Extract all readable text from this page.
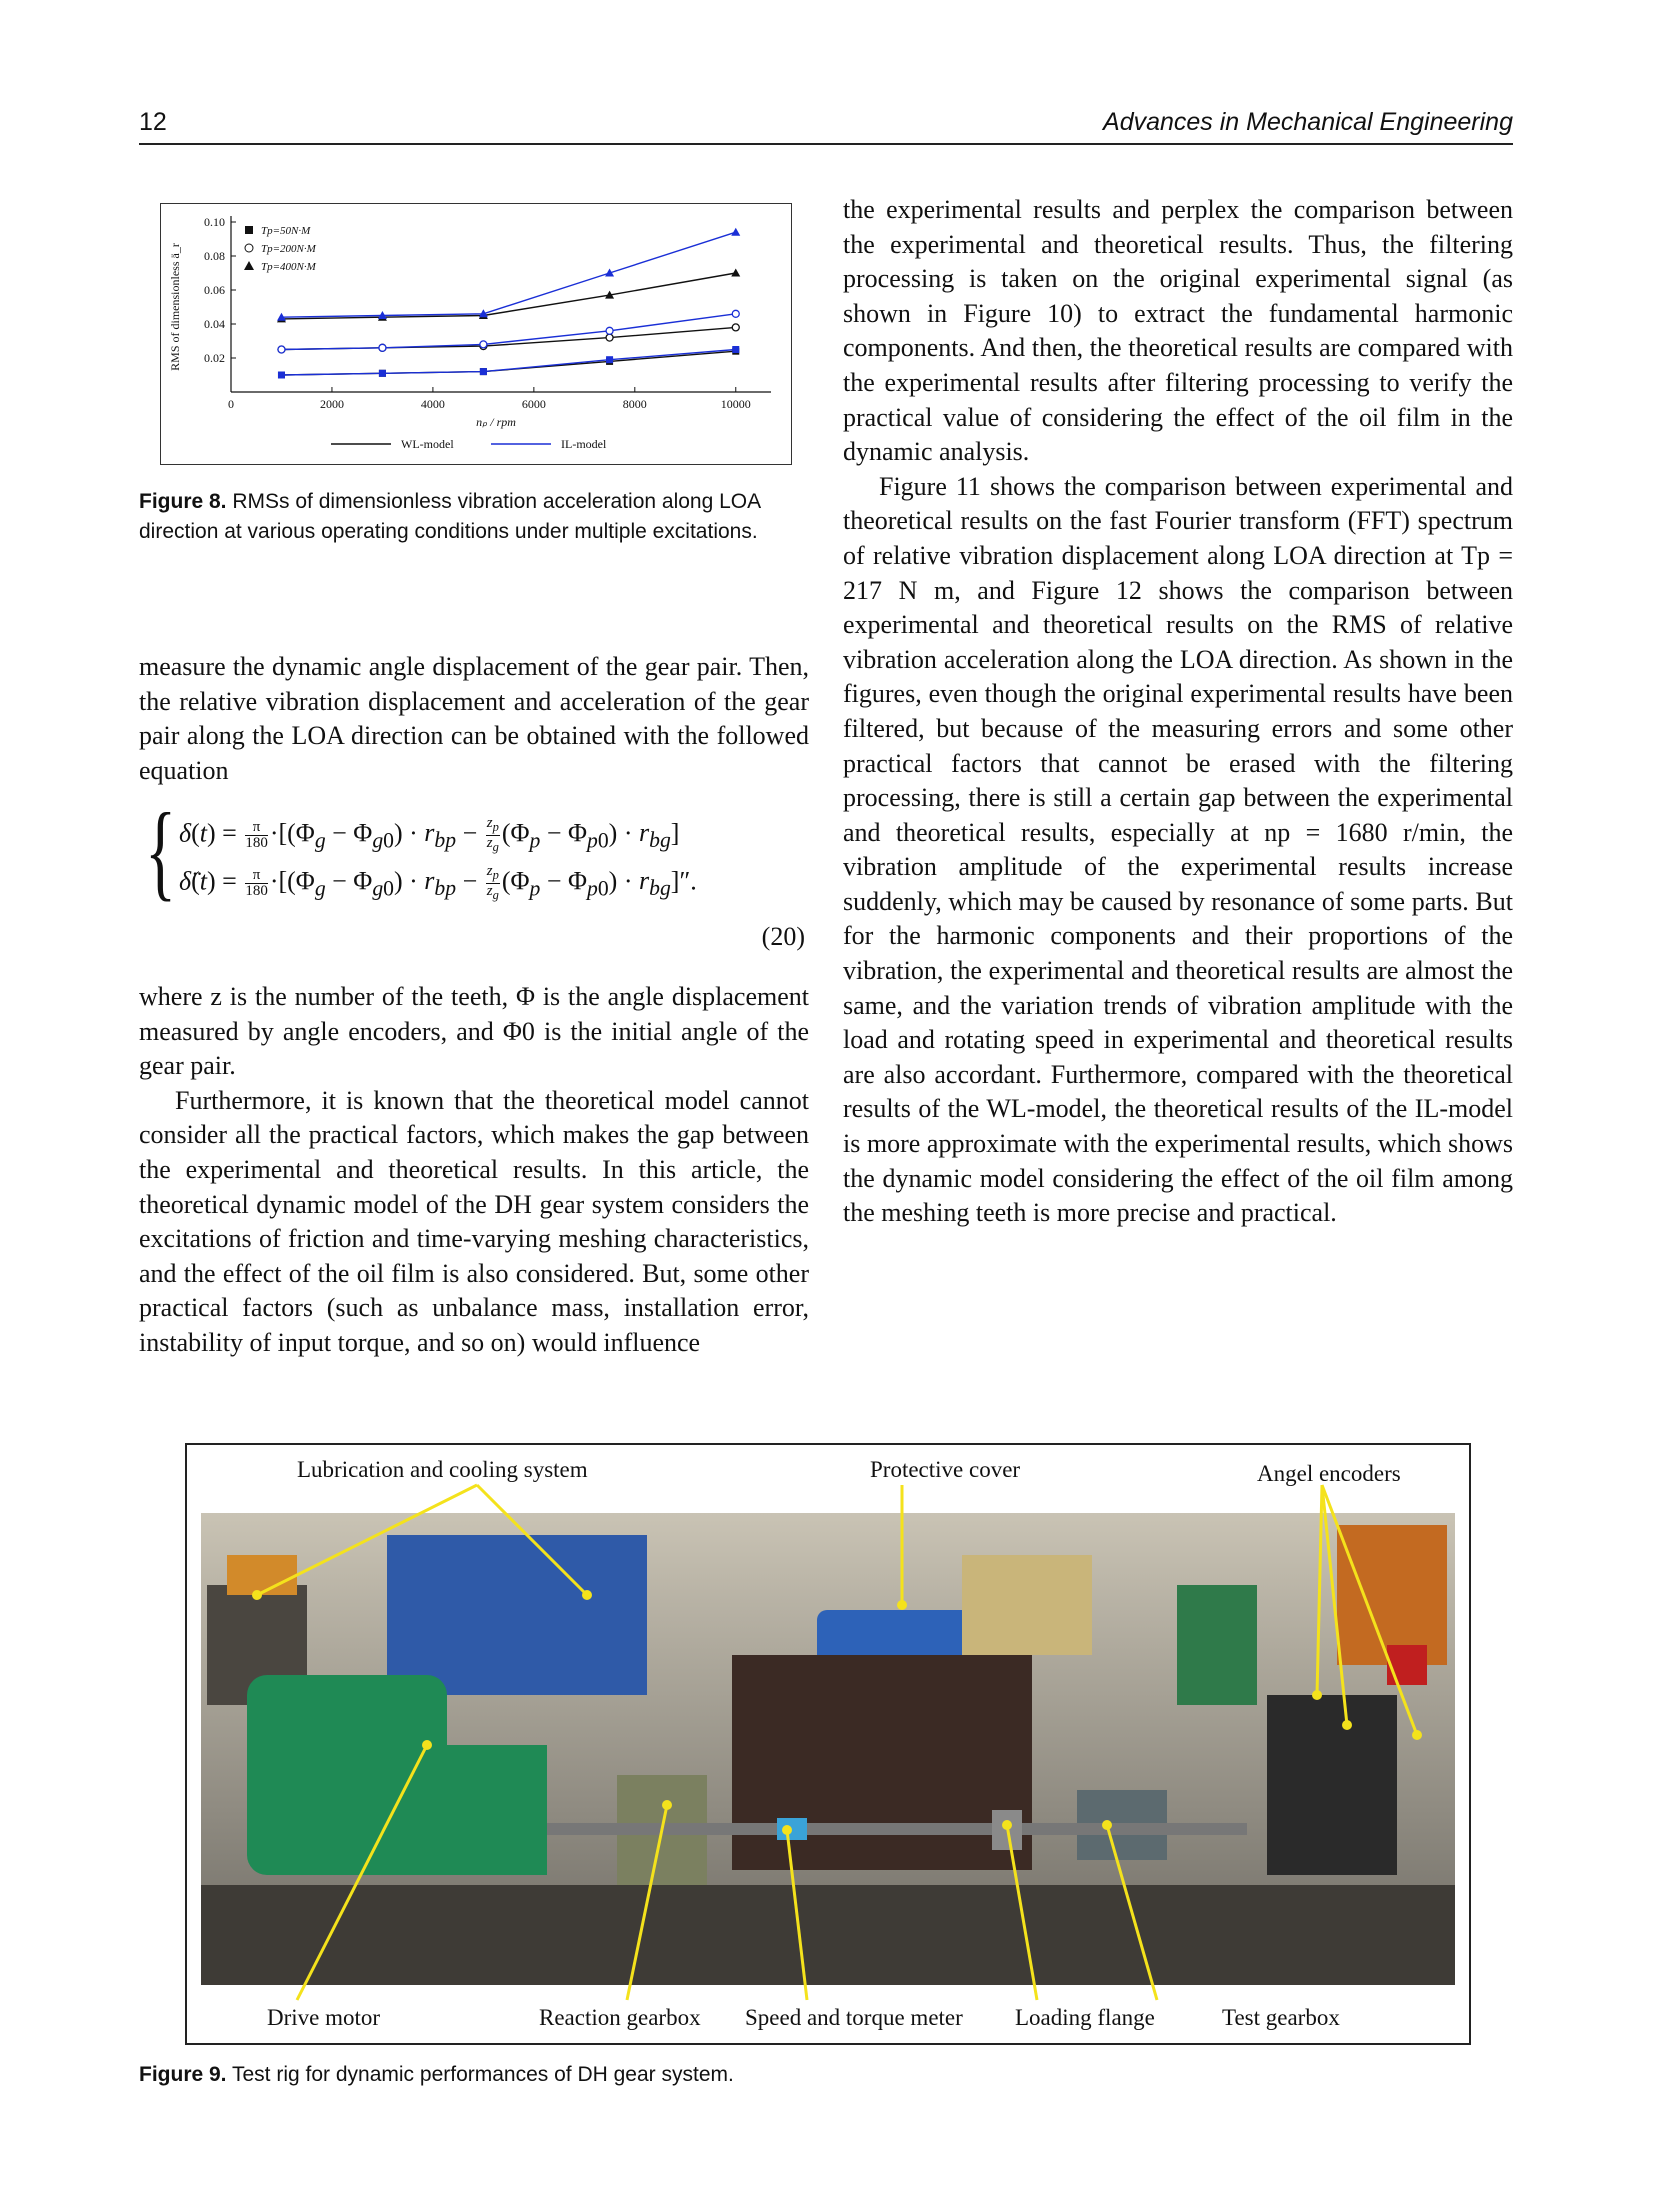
12	Advances in Mechanical Engineering
0	2000	4000	6000	8000	10000
0.02
0.04
0.06
0.08
0.10
nₚ / rpm
RMS of dimensionless ä_r
Tp=50N·M
Tp=200N·M
Tp=400N·M
WL-model	IL-model
Figure 8. RMSs of dimensionless vibration acceleration along LOA direction at various operating conditions under multiple excitations.

measure the dynamic angle displacement of the gear pair. Then, the relative vibration displacement and acceleration of the gear pair along the LOA direction can be obtained with the followed equation

{ $\delta(t) = \frac{\pi}{180} \cdot[(\Phi_g - \Phi_{g0}) \cdot r_{bp} - \frac{z_p}{z_g} (\Phi_p - \Phi_{p0}) \cdot r_{bg}]$
δ̈(t) = $\frac{\pi}{180} \cdot[(\Phi_g - \Phi_{g0}) \cdot r_{bp} - \frac{z_p}{z_g} (\Phi_p - \Phi_{p0}) \cdot r_{bg}]''$.
(20)

where z is the number of the teeth, Φ is the angle displacement measured by angle encoders, and Φ0 is the initial angle of the gear pair.

Furthermore, it is known that the theoretical model cannot consider all the practical factors, which makes the gap between the experimental and theoretical results. In this article, the theoretical dynamic model of the DH gear system considers the excitations of friction and time-varying meshing characteristics, and the effect of the oil film is also considered. But, some other practical factors (such as unbalance mass, installation error, instability of input torque, and so on) would influence

the experimental results and perplex the comparison between the experimental and theoretical results. Thus, the filtering processing is taken on the original experimental signal (as shown in Figure 10) to extract the fundamental harmonic components. And then, the theoretical results are compared with the experimental results after filtering processing to verify the practical value of considering the effect of the oil film in the dynamic analysis.

Figure 11 shows the comparison between experimental and theoretical results on the fast Fourier transform (FFT) spectrum of relative vibration displacement along LOA direction at Tp = 217 N m, and Figure 12 shows the comparison between experimental and theoretical results on the RMS of relative vibration acceleration along the LOA direction. As shown in the figures, even though the original experimental results have been filtered, but because of the measuring errors and some other practical factors that cannot be erased with the filtering processing, there is still a certain gap between the experimental and theoretical results, especially at np = 1680 r/min, the vibration amplitude of the experimental results increase suddenly, which may be caused by resonance of some parts. But for the harmonic components and their proportions of the vibration, the experimental and theoretical results are almost the same, and the variation trends of vibration amplitude with the load and rotating speed in experimental and theoretical results are also accordant. Furthermore, compared with the theoretical results of the WL-model, the theoretical results of the IL-model is more approximate with the experimental results, which shows the dynamic model considering the effect of the oil film among the meshing teeth is more precise and practical.

Lubrication and cooling system	Protective cover	Angel encoders
Drive motor	Reaction gearbox Speed and torque meter Loading flange	Test gearbox
Figure 9. Test rig for dynamic performances of DH gear system.
